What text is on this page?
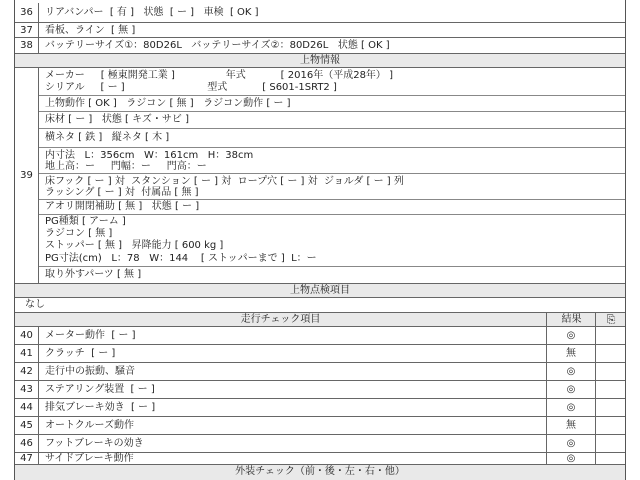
36	リアバンパー  [ 有 ]   状態  [ ー ]   車検  [ OK ]
37	看板、ライン  [ 無 ]
38	バッテリーサイズ①：80D26L   バッテリーサイズ②：80D26L   状態 [ OK ]
上物情報
39
メーカー     [ 極東開発工業 ]                年式           [ 2016年（平成28年） ]
シリアル     [ ー ]                          型式           [ S601-1SRT2 ]
上物動作 [ OK ]   ラジコン [ 無 ]   ラジコン動作 [ ー ]
床材 [ ー ]   状態 [ キズ・サビ ]
横ネタ [ 鉄 ]   縦ネタ [ 木 ]
内寸法   L：356cm   W：161cm   H：38cm
地上高：ー     門幅：ー     門高：ー
床フック [ ー ] 対  スタンション [ ー ] 対  ロープ穴 [ ー ] 対  ジョルダ [ ー ] 列
ラッシング [ ー ] 対  付属品 [ 無 ]
アオリ開閉補助 [ 無 ]   状態 [ ー ]
PG種類 [ アーム ]
ラジコン [ 無 ]
ストッパー [ 無 ]   昇降能力 [ 600 kg ]
PG寸法(cm)   L：78   W：144    [ ストッパーまで ]  L：ー
取り外すパーツ [ 無 ]
上物点検項目
なし
走行チェック項目	結果	⎘
40	メーター動作  [ ー ]	◎
41	クラッチ  [ ー ]	無
42	走行中の振動、騒音	◎
43	ステアリング装置  [ ー ]	◎
44	排気ブレーキ効き  [ ー ]	◎
45	オートクルーズ動作	無
46	フットブレーキの効き	◎
47	サイドブレーキ動作	◎
外装チェック（前・後・左・右・他）
